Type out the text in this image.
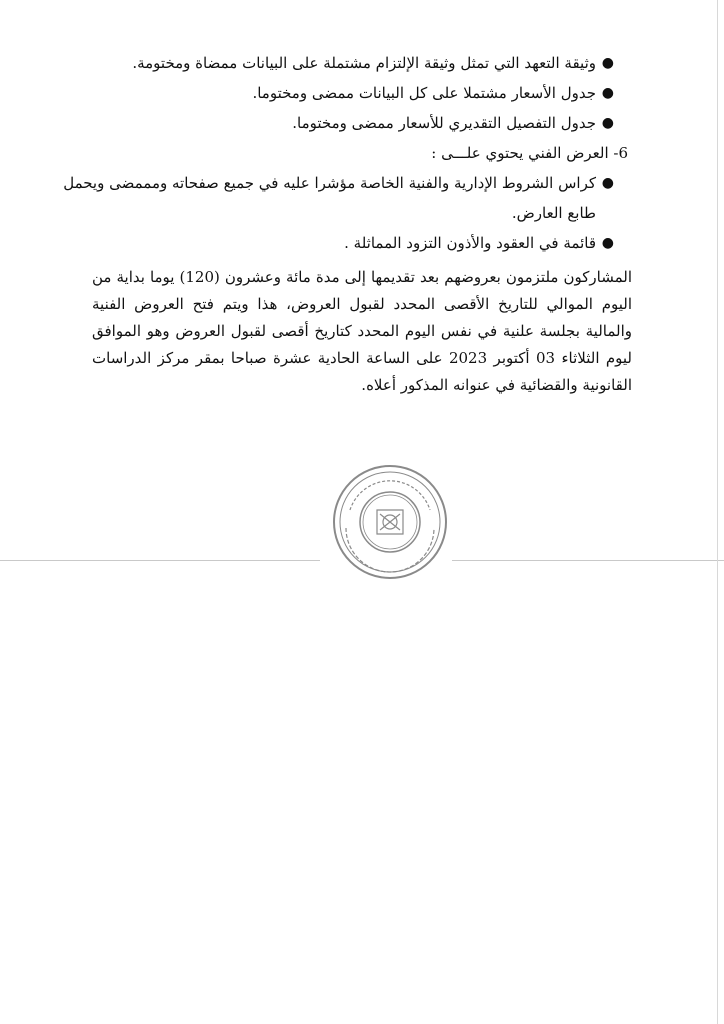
●
وثيقة التعهد التي تمثل وثيقة الإلتزام مشتملة على البيانات ممضاة ومختومة.
●
جدول الأسعار مشتملا على كل البيانات ممضى ومختوما.
●
جدول التفصيل التقديري للأسعار ممضى ومختوما.
6- العرض الفني يحتوي علـــى :
●
كراس الشروط الإدارية والفنية الخاصة مؤشرا عليه في جميع صفحاته ومممضى ويحمل
طابع العارض.
●
قائمة في العقود والأذون التزود المماثلة .
المشاركون ملتزمون بعروضهم بعد تقديمها إلى مدة مائة وعشرون (120) يوما بداية من اليوم الموالي للتاريخ الأقصى المحدد لقبول العروض، هذا ويتم فتح العروض الفنية والمالية بجلسة علنية في نفس اليوم المحدد كتاريخ أقصى لقبول العروض وهو الموافق ليوم الثلاثاء 03 أكتوبر 2023 على الساعة الحادية عشرة صباحا بمقر مركز الدراسات القانونية والقضائية في عنوانه المذكور أعلاه.
